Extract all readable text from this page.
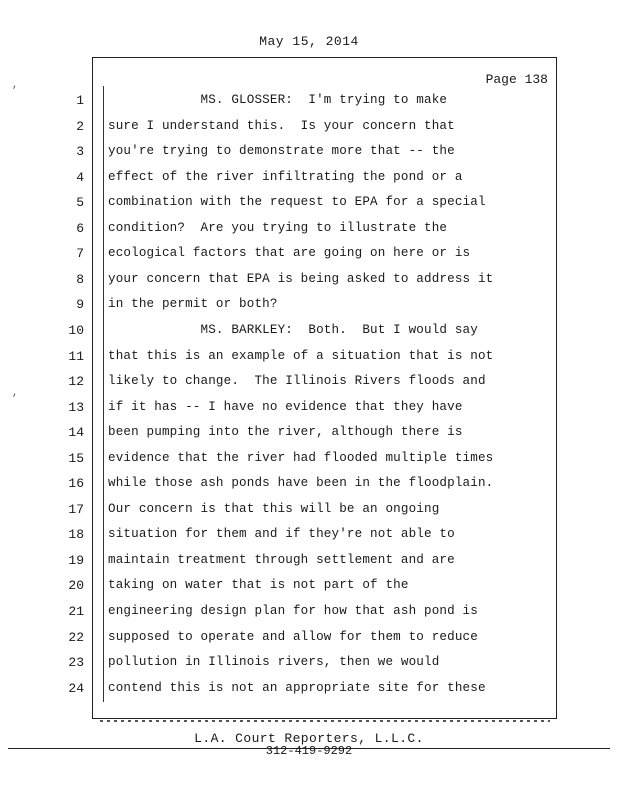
May 15, 2014
Page 138
1 MS. GLOSSER:  I'm trying to make
2 sure I understand this.  Is your concern that
3 you're trying to demonstrate more that -- the
4 effect of the river infiltrating the pond or a
5 combination with the request to EPA for a special
6 condition?  Are you trying to illustrate the
7 ecological factors that are going on here or is
8 your concern that EPA is being asked to address it
9 in the permit or both?
10 MS. BARKLEY:  Both.  But I would say
11 that this is an example of a situation that is not
12 likely to change.  The Illinois Rivers floods and
13 if it has -- I have no evidence that they have
14 been pumping into the river, although there is
15 evidence that the river had flooded multiple times
16 while those ash ponds have been in the floodplain.
17 Our concern is that this will be an ongoing
18 situation for them and if they're not able to
19 maintain treatment through settlement and are
20 taking on water that is not part of the
21 engineering design plan for how that ash pond is
22 supposed to operate and allow for them to reduce
23 pollution in Illinois rivers, then we would
24 contend this is not an appropriate site for these
L.A. Court Reporters, L.L.C.
312-419-9292
,
,
